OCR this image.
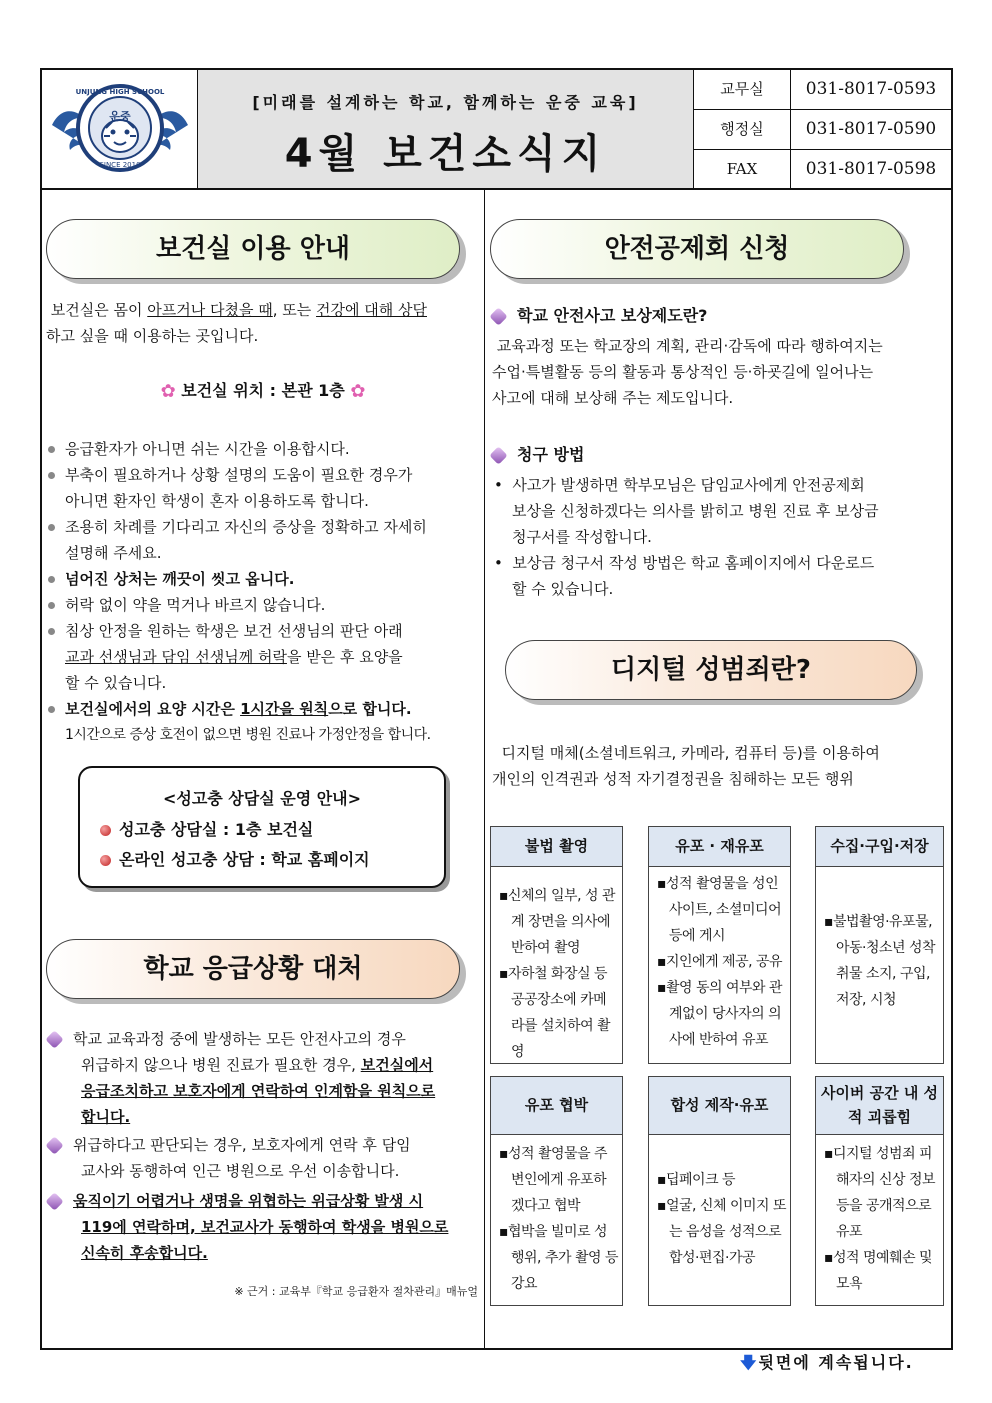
운중
UNJUNG HIGH SCHOOL
SINCE 2010
[미래를 설계하는 학교, 함께하는 운중 교육]
4월 보건소식지
교무실	031-8017-0593
행정실	031-8017-0590
FAX	031-8017-0598
보건실 이용 안내
보건실은 몸이 아프거나 다쳤을 때, 또는 건강에 대해 상담
하고 싶을 때 이용하는 곳입니다.
✿ 보건실 위치 : 본관 1층 ✿
응급환자가 아니면 쉬는 시간을 이용합시다.
부축이 필요하거나 상황 설명의 도움이 필요한 경우가
아니면 환자인 학생이 혼자 이용하도록 합니다.
조용히 차례를 기다리고 자신의 증상을 정확하고 자세히
설명해 주세요.
넘어진 상처는 깨끗이 씻고 옵니다.
허락 없이 약을 먹거나 바르지 않습니다.
침상 안정을 원하는 학생은 보건 선생님의 판단 아래
교과 선생님과 담임 선생님께 허락을 받은 후 요양을
할 수 있습니다.
보건실에서의 요양 시간은 1시간을 원칙으로 합니다.
1시간으로 증상 호전이 없으면 병원 진료나 가정안정을 합니다.
<성고충 상담실 운영 안내>
성고충 상담실 : 1층 보건실
온라인 성고충 상담 : 학교 홈페이지
학교 응급상황 대처
학교 교육과정 중에 발생하는 모든 안전사고의 경우
위급하지 않으나 병원 진료가 필요한 경우, 보건실에서
응급조치하고 보호자에게 연락하여 인계함을 원칙으로
합니다.
위급하다고 판단되는 경우, 보호자에게 연락 후 담임
교사와 동행하여 인근 병원으로 우선 이송합니다.
움직이기 어렵거나 생명을 위협하는 위급상황 발생 시
119에 연락하며, 보건교사가 동행하여 학생을 병원으로
신속히 후송합니다.
※ 근거 : 교육부『학교 응급환자 절차관리』매뉴얼
안전공제회 신청
학교 안전사고 보상제도란?
교육과정 또는 학교장의 계획, 관리·감독에 따라 행하여지는
수업·특별활동 등의 활동과 통상적인 등·하굣길에 일어나는
사고에 대해 보상해 주는 제도입니다.
청구 방법
•  사고가 발생하면 학부모님은 담임교사에게 안전공제회
보상을 신청하겠다는 의사를 밝히고 병원 진료 후 보상금
청구서를 작성합니다.
•  보상금 청구서 작성 방법은 학교 홈페이지에서 다운로드
할 수 있습니다.
디지털 성범죄란?
디지털 매체(소셜네트워크, 카메라, 컴퓨터 등)를 이용하여
개인의 인격권과 성적 자기결정권을 침해하는 모든 행위
불법 촬영
▪신체의 일부, 성 관계 장면을 의사에 반하여 촬영
▪자하철 화장실 등 공공장소에 카메라를 설치하여 촬영
유포 · 재유포
▪성적 촬영물을 성인 사이트, 소셜미디어 등에 게시
▪지인에게 제공, 공유
▪촬영 동의 여부와 관계없이 당사자의 의사에 반하여 유포
수집·구입·저장
▪불법촬영·유포물, 아동·청소년 성착취물 소지, 구입, 저장, 시청
유포 협박
▪성적 촬영물을 주변인에게 유포하겠다고 협박
▪협박을 빌미로 성행위, 추가 촬영 등 강요
합성 제작·유포
▪딥페이크 등
▪얼굴, 신체 이미지 또는 음성을 성적으로 합성·편집·가공
사이버 공간 내 성적 괴롭힘
▪디지털 성범죄 피해자의 신상 정보 등을 공개적으로 유포
▪성적 명예훼손 및 모욕
🡇뒷면에 계속됩니다.
